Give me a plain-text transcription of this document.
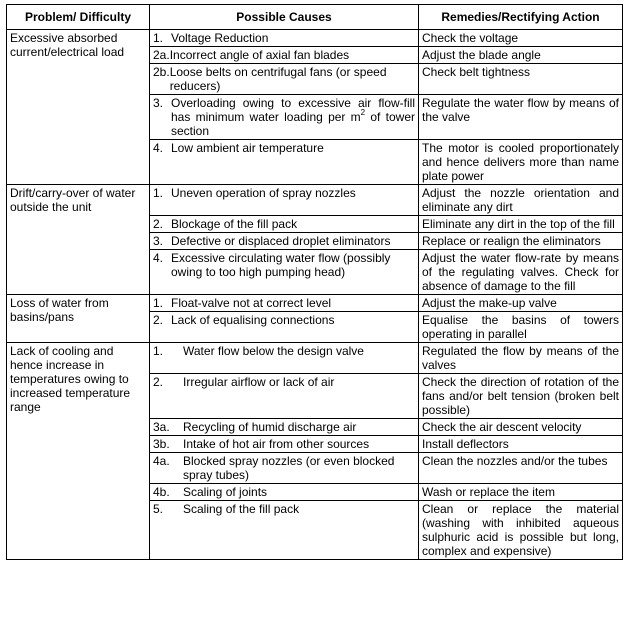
Problem/ Difficulty	Possible Causes	Remedies/Rectifying Action
Excessive absorbed current/electrical load	1. Voltage Reduction	Check the voltage

	2a. Incorrect angle of axial fan blades	Adjust the blade angle

	2b. Loose belts on centrifugal fans (or speed reducers)	Check belt tightness

	3. Overloading owing to excessive air flow-fill has minimum water loading per $m^2$ of tower section	Regulate the water flow by means of the valve

	4. Low ambient air temperature	The motor is cooled proportionately and hence delivers more than name plate power
Drift/carry-over of water outside the unit	1. Uneven operation of spray nozzles	Adjust the nozzle orientation and eliminate any dirt

	2. Blockage of the fill pack	Eliminate any dirt in the top of the fill

	3. Defective or displaced droplet eliminators	Replace or realign the eliminators

	4. Excessive circulating water flow (possibly owing to too high pumping head)	Adjust the water flow-rate by means of the regulating valves. Check for absence of damage to the fill
Loss of water from basins/pans	1. Float-valve not at correct level	Adjust the make-up valve

	2. Lack of equalising connections	Equalise the basins of towers operating in parallel
Lack of cooling and hence increase in temperatures owing to increased temperature range	1. Water flow below the design valve	Regulated the flow by means of the valves

	2. Irregular airflow or lack of air	Check the direction of rotation of the fans and/or belt tension (broken belt possible)

	3a. Recycling of humid discharge air	Check the air descent velocity

	3b. Intake of hot air from other sources	Install deflectors

	4a. Blocked spray nozzles (or even blocked spray tubes)	Clean the nozzles and/or the tubes

	4b. Scaling of joints	Wash or replace the item

	5. Scaling of the fill pack	Clean or replace the material (washing with inhibited aqueous sulphuric acid is possible but long, complex and expensive)
